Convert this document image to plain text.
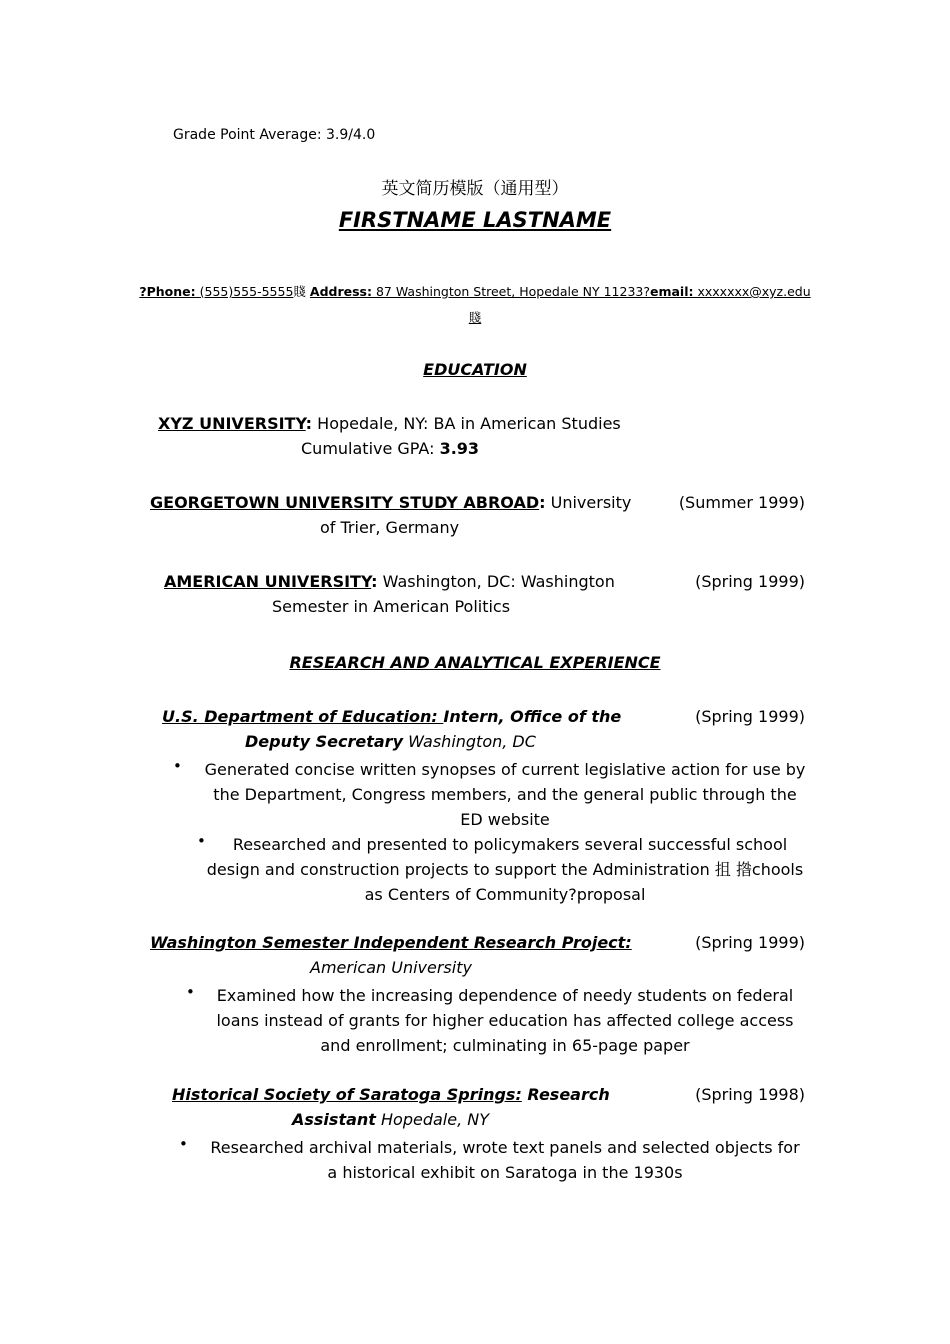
Grade Point Average: 3.9/4.0
英文简历模版（通用型）
FIRSTNAME LASTNAME
?Phone: (555)555-5555賤 Address: 87 Washington Street, Hopedale NY 11233?email: xxxxxxx@xyz.edu
賤
EDUCATION
XYZ UNIVERSITY: Hopedale, NY: BA in American Studies
Cumulative GPA: 3.93
GEORGETOWN UNIVERSITY STUDY ABROAD: University	(Summer 1999)
of Trier, Germany
AMERICAN UNIVERSITY: Washington, DC: Washington	(Spring 1999)
Semester in American Politics
RESEARCH AND ANALYTICAL EXPERIENCE
U.S. Department of Education: Intern, Office of the	(Spring 1999)
Deputy Secretary Washington, DC
• Generated concise written synopses of current legislative action for use by
the Department, Congress members, and the general public through the
ED website
•	Researched and presented to policymakers several successful school
design and construction projects to support the Administration 抯 揝chools
as Centers of Community?proposal
Washington Semester Independent Research Project:	(Spring 1999)
American University
•	Examined how the increasing dependence of needy students on federal
loans instead of grants for higher education has affected college access
and enrollment; culminating in 65-page paper
Historical Society of Saratoga Springs: Research	(Spring 1998)
Assistant Hopedale, NY
•	Researched archival materials, wrote text panels and selected objects for
a historical exhibit on Saratoga in the 1930s
